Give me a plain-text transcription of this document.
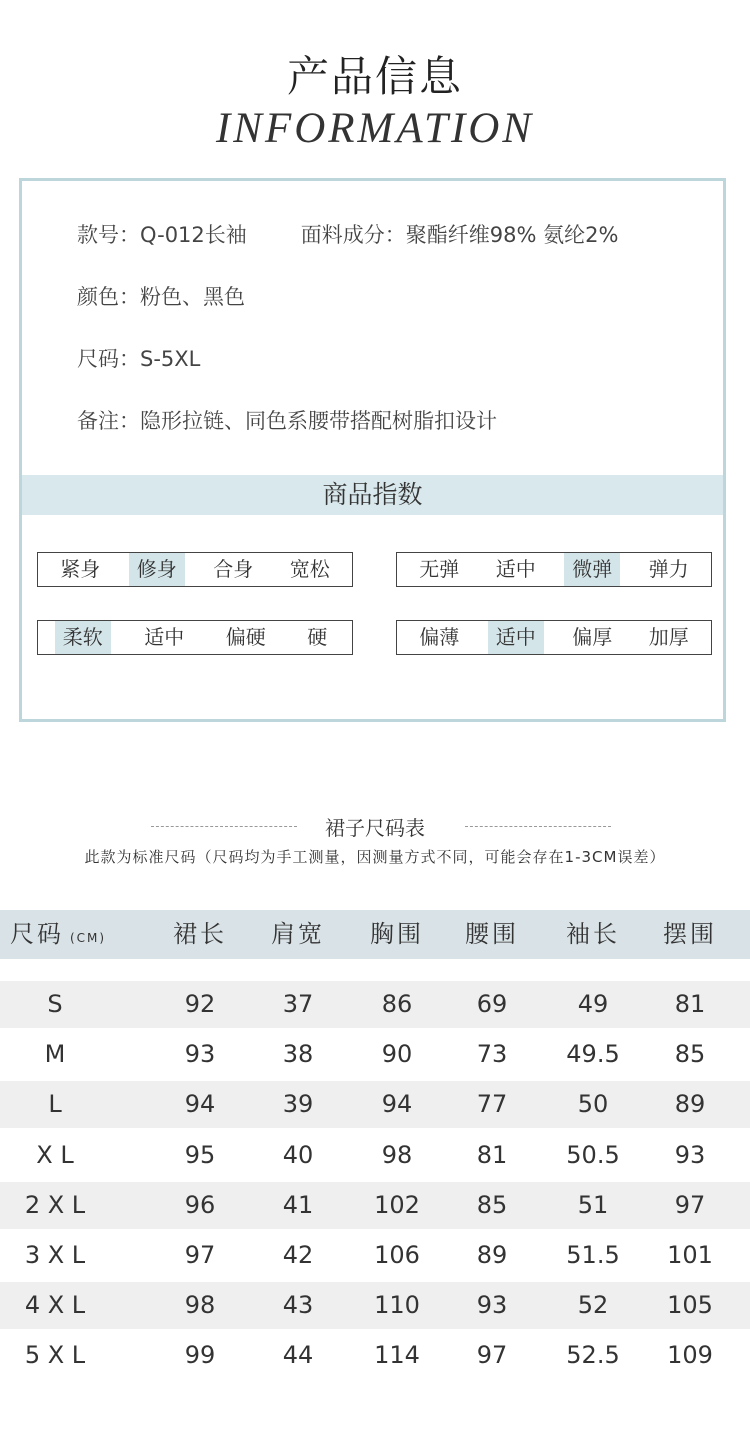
产品信息
INFORMATION
款号：Q-012长袖	面料成分：聚酯纤维98% 氨纶2%
颜色：粉色、黑色
尺码：S-5XL
备注：隐形拉链、同色系腰带搭配树脂扣设计
商品指数
紧身	修身	合身	宽松	无弹	适中	微弹	弹力
柔软	适中	偏硬	硬	偏薄	适中	偏厚	加厚
裙子尺码表
此款为标准尺码（尺码均为手工测量，因测量方式不同，可能会存在1-3CM误差）
尺码 (CM)	裙长	肩宽	胸围	腰围	袖长	摆围
S	92	37	86	69	49	81
M	93	38	90	73	49.5	85
L	94	39	94	77	50	89
X L	95	40	98	81	50.5	93
2 X L	96	41	102	85	51	97
3 X L	97	42	106	89	51.5	101
4 X L	98	43	110	93	52	105
5 X L	99	44	114	97	52.5	109
